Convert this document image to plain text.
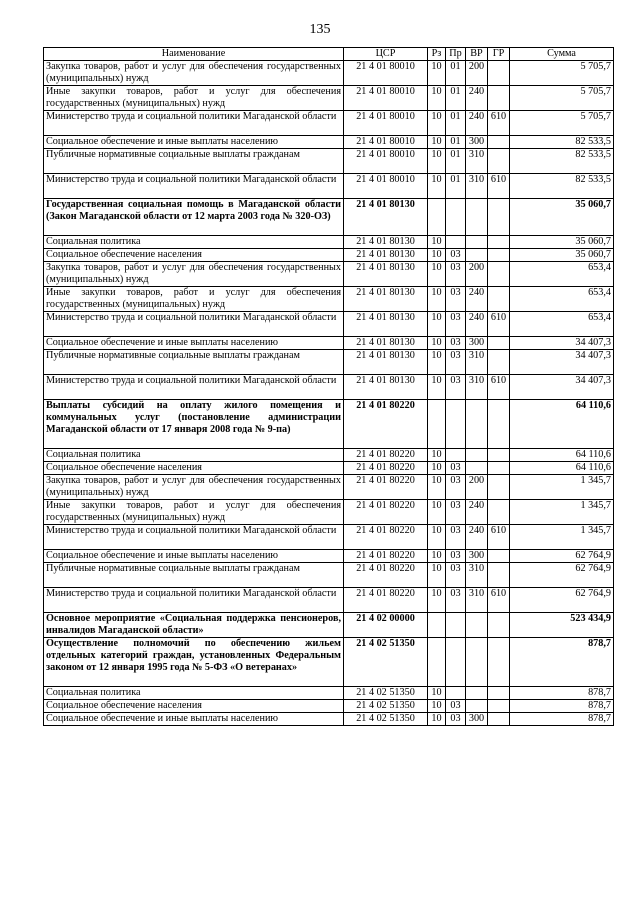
135
Наименование	ЦСР	Рз	Пр	ВР	ГР	Сумма
Закупка товаров, работ и услуг для обеспечения государственных (муниципальных) нужд	21 4 01 80010	10	01	200		5 705,7
Иные закупки товаров, работ и услуг для обеспечения государственных (муниципальных) нужд	21 4 01 80010	10	01	240		5 705,7
Министерство труда и социальной политики Магаданской области	21 4 01 80010	10	01	240	610	5 705,7
Социальное обеспечение и иные выплаты населению	21 4 01 80010	10	01	300		82 533,5
Публичные нормативные социальные выплаты гражданам	21 4 01 80010	10	01	310		82 533,5
Министерство труда и социальной политики Магаданской области	21 4 01 80010	10	01	310	610	82 533,5
Государственная социальная помощь в Магаданской области (Закон Магаданской области от 12 марта 2003 года № 320-ОЗ)	21 4 01 80130					35 060,7
Социальная политика	21 4 01 80130	10				35 060,7
Социальное обеспечение населения	21 4 01 80130	10	03			35 060,7
Закупка товаров, работ и услуг для обеспечения государственных (муниципальных) нужд	21 4 01 80130	10	03	200		653,4
Иные закупки товаров, работ и услуг для обеспечения государственных (муниципальных) нужд	21 4 01 80130	10	03	240		653,4
Министерство труда и социальной политики Магаданской области	21 4 01 80130	10	03	240	610	653,4
Социальное обеспечение и иные выплаты населению	21 4 01 80130	10	03	300		34 407,3
Публичные нормативные социальные выплаты гражданам	21 4 01 80130	10	03	310		34 407,3
Министерство труда и социальной политики Магаданской области	21 4 01 80130	10	03	310	610	34 407,3
Выплаты субсидий на оплату жилого помещения и коммунальных услуг (постановление администрации Магаданской области от 17 января 2008 года № 9-па)	21 4 01 80220					64 110,6
Социальная политика	21 4 01 80220	10				64 110,6
Социальное обеспечение населения	21 4 01 80220	10	03			64 110,6
Закупка товаров, работ и услуг для обеспечения государственных (муниципальных) нужд	21 4 01 80220	10	03	200		1 345,7
Иные закупки товаров, работ и услуг для обеспечения государственных (муниципальных) нужд	21 4 01 80220	10	03	240		1 345,7
Министерство труда и социальной политики Магаданской области	21 4 01 80220	10	03	240	610	1 345,7
Социальное обеспечение и иные выплаты населению	21 4 01 80220	10	03	300		62 764,9
Публичные нормативные социальные выплаты гражданам	21 4 01 80220	10	03	310		62 764,9
Министерство труда и социальной политики Магаданской области	21 4 01 80220	10	03	310	610	62 764,9
Основное мероприятие «Социальная поддержка пенсионеров, инвалидов Магаданской области»	21 4 02 00000					523 434,9
Осуществление полномочий по обеспечению жильем отдельных категорий граждан, установленных Федеральным законом от 12 января 1995 года № 5-ФЗ «О ветеранах»	21 4 02 51350					878,7
Социальная политика	21 4 02 51350	10				878,7
Социальное обеспечение населения	21 4 02 51350	10	03			878,7
Социальное обеспечение и иные выплаты населению	21 4 02 51350	10	03	300		878,7
